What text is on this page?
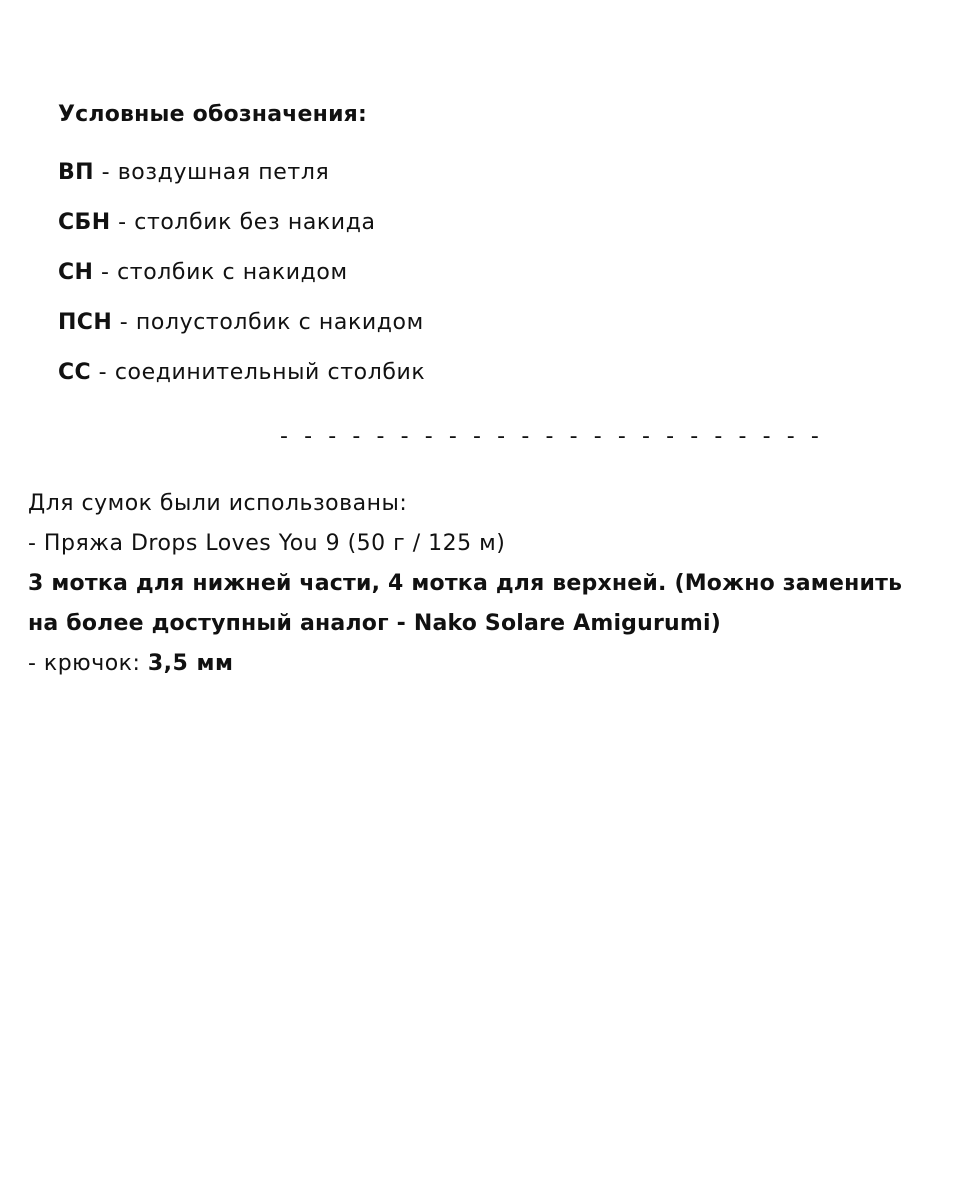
Условные обозначения:
ВП - воздушная петля
СБН - столбик без накида
СН - столбик с накидом
ПСН - полустолбик с накидом
СС - соединительный столбик
- - - - - - - - - - - - - - - - - - - - - - -

Для сумок были использованы:

- Пряжа Drops Loves You 9 (50 г / 125 м)

3 мотка для нижней части, 4 мотка для верхней. (Можно заменить

на более доступный аналог - Nako Solare Amigurumi)

- крючок: 3,5 мм
